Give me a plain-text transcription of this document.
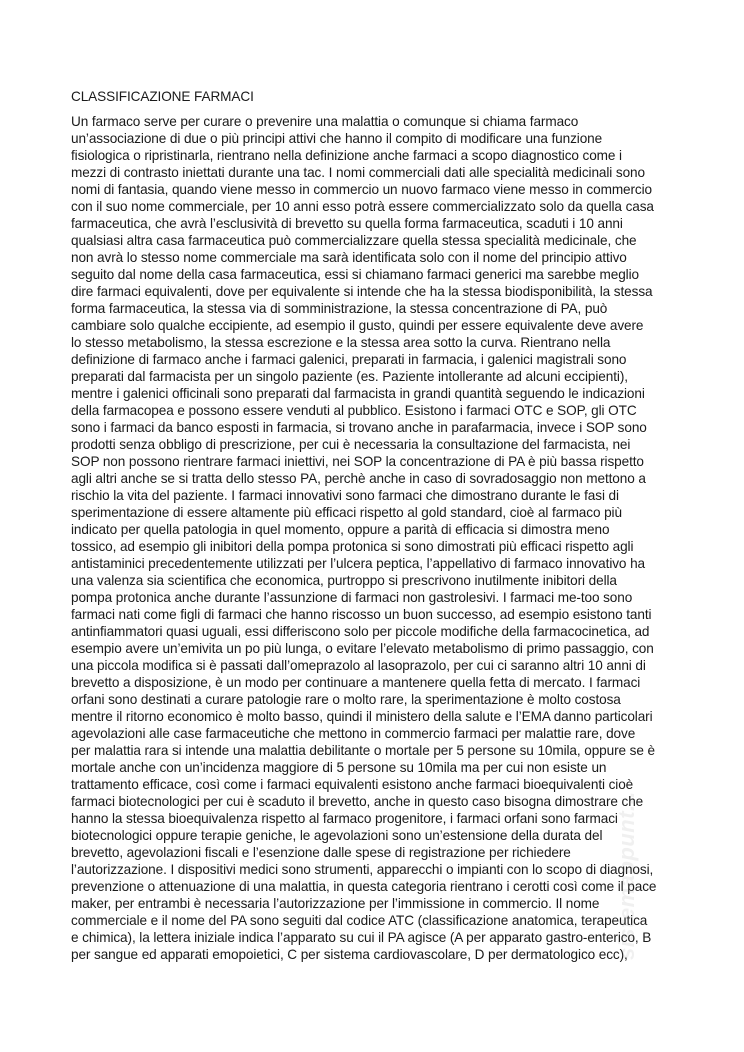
CLASSIFICAZIONE FARMACI
Un farmaco serve per curare o prevenire una malattia o comunque si chiama farmaco
un’associazione di due o più principi attivi che hanno il compito di modificare una funzione
fisiologica o ripristinarla, rientrano nella definizione anche farmaci a scopo diagnostico come i
mezzi di contrasto iniettati durante una tac. I nomi commerciali dati alle specialità medicinali sono
nomi di fantasia, quando viene messo in commercio un nuovo farmaco viene messo in commercio
con il suo nome commerciale, per 10 anni esso potrà essere commercializzato solo da quella casa
farmaceutica, che avrà l’esclusività di brevetto su quella forma farmaceutica, scaduti i 10 anni
qualsiasi altra casa farmaceutica può commercializzare quella stessa specialità medicinale, che
non avrà lo stesso nome commerciale ma sarà identificata solo con il nome del principio attivo
seguito dal nome della casa farmaceutica, essi si chiamano farmaci generici ma sarebbe meglio
dire farmaci equivalenti, dove per equivalente si intende che ha la stessa biodisponibilità, la stessa
forma farmaceutica, la stessa via di somministrazione, la stessa concentrazione di PA, può
cambiare solo qualche eccipiente, ad esempio il gusto, quindi per essere equivalente deve avere
lo stesso metabolismo, la stessa escrezione e la stessa area sotto la curva. Rientrano nella
definizione di farmaco anche i farmaci galenici, preparati in farmacia, i galenici magistrali sono
preparati dal farmacista per un singolo paziente (es. Paziente intollerante ad alcuni eccipienti),
mentre i galenici officinali sono preparati dal farmacista in grandi quantità seguendo le indicazioni
della farmacopea e possono essere venduti al pubblico. Esistono i farmaci OTC e SOP, gli OTC
sono i farmaci da banco esposti in farmacia, si trovano anche in parafarmacia, invece i SOP sono
prodotti senza obbligo di prescrizione, per cui è necessaria la consultazione del farmacista, nei
SOP non possono rientrare farmaci iniettivi, nei SOP la concentrazione di PA è più bassa rispetto
agli altri anche se si tratta dello stesso PA, perchè anche in caso di sovradosaggio non mettono a
rischio la vita del paziente. I farmaci innovativi sono farmaci che dimostrano durante le fasi di
sperimentazione di essere altamente più efficaci rispetto al gold standard, cioè al farmaco più
indicato per quella patologia in quel momento, oppure a parità di efficacia si dimostra meno
tossico, ad esempio gli inibitori della pompa protonica si sono dimostrati più efficaci rispetto agli
antistaminici precedentemente utilizzati per l’ulcera peptica, l’appellativo di farmaco innovativo ha
una valenza sia scientifica che economica, purtroppo si prescrivono inutilmente inibitori della
pompa protonica anche durante l’assunzione di farmaci non gastrolesivi. I farmaci me-too sono
farmaci nati come figli di farmaci che hanno riscosso un buon successo, ad esempio esistono tanti
antinfiammatori quasi uguali, essi differiscono solo per piccole modifiche della farmacocinetica, ad
esempio avere un’emivita un po più lunga, o evitare l’elevato metabolismo di primo passaggio, con
una piccola modifica si è passati dall’omeprazolo al lasoprazolo, per cui ci saranno altri 10 anni di
brevetto a disposizione, è un modo per continuare a mantenere quella fetta di mercato. I farmaci
orfani sono destinati a curare patologie rare o molto rare, la sperimentazione è molto costosa
mentre il ritorno economico è molto basso, quindi il ministero della salute e l’EMA danno particolari
agevolazioni alle case farmaceutiche che mettono in commercio farmaci per malattie rare, dove
per malattia rara si intende una malattia debilitante o mortale per 5 persone su 10mila, oppure se è
mortale anche con un’incidenza maggiore di 5 persone su 10mila ma per cui non esiste un
trattamento efficace, così come i farmaci equivalenti esistono anche farmaci bioequivalenti cioè
farmaci biotecnologici per cui è scaduto il brevetto, anche in questo caso bisogna dimostrare che
hanno la stessa bioequivalenza rispetto al farmaco progenitore, i farmaci orfani sono farmaci
biotecnologici oppure terapie geniche, le agevolazioni sono un’estensione della durata del
brevetto, agevolazioni fiscali e l’esenzione dalle spese di registrazione per richiedere
l’autorizzazione. I dispositivi medici sono strumenti, apparecchi o impianti con lo scopo di diagnosi,
prevenzione o attenuazione di una malattia, in questa categoria rientrano i cerotti così come il pace
maker, per entrambi è necessaria l’autorizzazione per l’immissione in commercio. Il nome
commerciale e il nome del PA sono seguiti dal codice ATC (classificazione anatomica, terapeutica
e chimica), la lettera iniziale indica l’apparato su cui il PA agisce (A per apparato gastro-enterico, B
per sangue ed apparati emopoietici, C per sistema cardiovascolare, D per dermatologico ecc),
sistemappunt...
